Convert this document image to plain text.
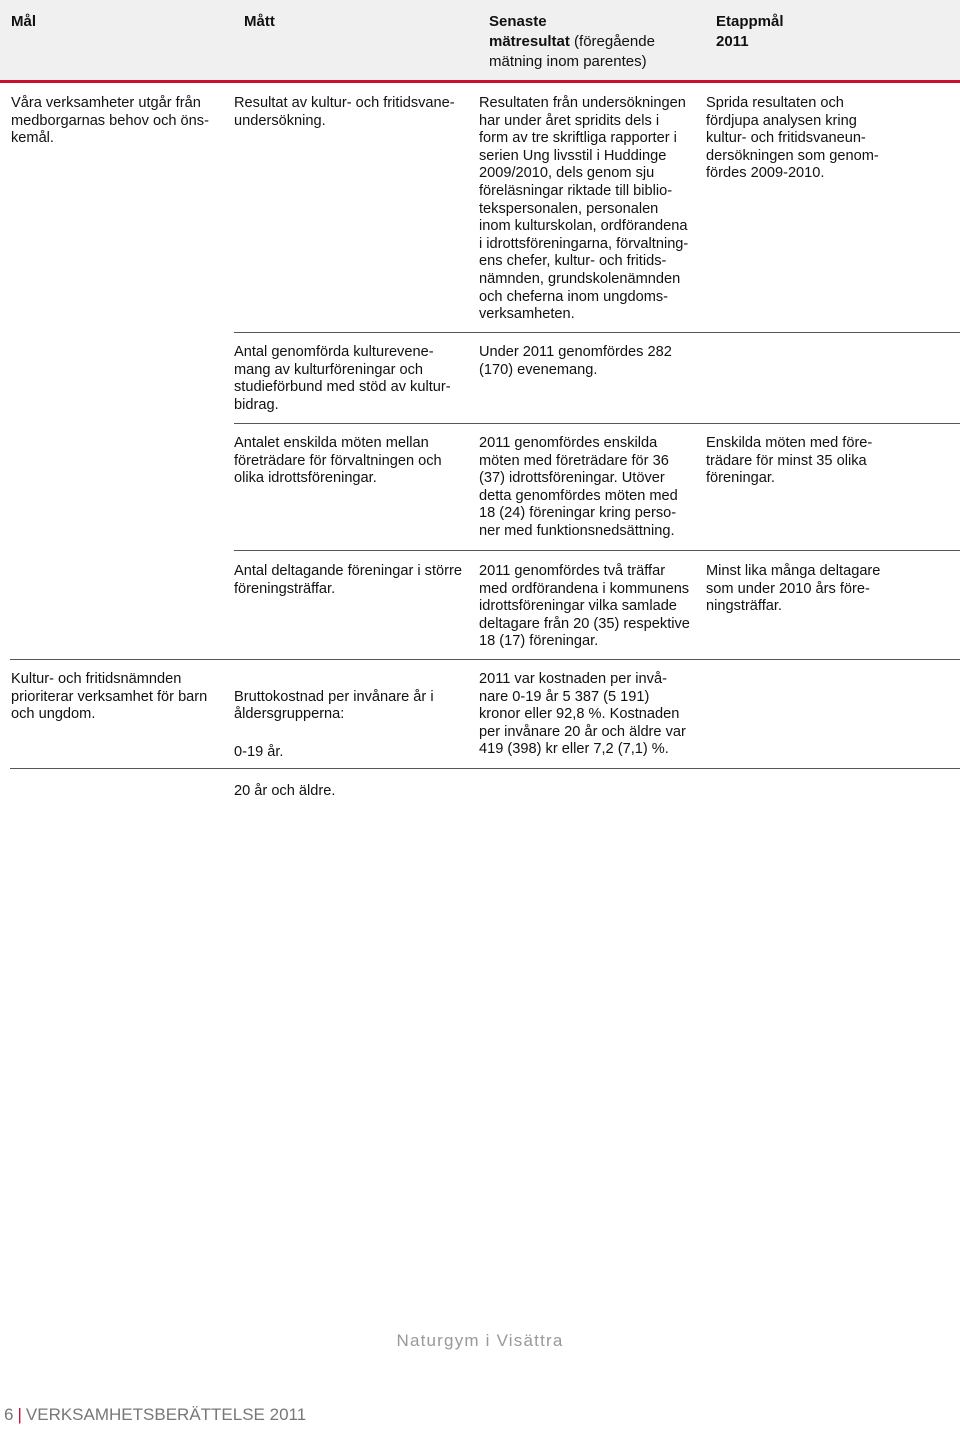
Mål	Mått	Senaste
mätresultat (föregående
mätning inom parentes)
Etappmål
2011
Våra verksamheter utgår från
medborgarnas behov och öns-
kemål.
Resultat av kultur- och fritidsvane-
undersökning.
Resultaten från undersökningen
har under året spridits dels i
form av tre skriftliga rapporter i
serien Ung livsstil i Huddinge
2009/2010, dels genom sju
föreläsningar riktade till biblio-
tekspersonalen, personalen
inom kulturskolan, ordförandena
i idrottsföreningarna, förvaltning-
ens chefer, kultur- och fritids-
nämnden, grundskolenämnden
och cheferna inom ungdoms-
verksamheten.
Sprida resultaten och
fördjupa analysen kring
kultur- och fritidsvaneun-
dersökningen som genom-
fördes 2009-2010.
Antal genomförda kulturevene-
mang av kulturföreningar och
studieförbund med stöd av kultur-
bidrag.
Under 2011 genomfördes 282
(170) evenemang.
Antalet enskilda möten mellan
företrädare för förvaltningen och
olika idrottsföreningar.
2011 genomfördes enskilda
möten med företrädare för 36
(37) idrottsföreningar. Utöver
detta genomfördes möten med
18 (24) föreningar kring perso-
ner med funktionsnedsättning.
Enskilda möten med före-
trädare för minst 35 olika
föreningar.
Antal deltagande föreningar i större
föreningsträffar.
2011 genomfördes två träffar
med ordförandena i kommunens
idrottsföreningar vilka samlade
deltagare från 20 (35) respektive
18 (17) föreningar.
Minst lika många deltagare
som under 2010 års före-
ningsträffar.
Kultur- och fritidsnämnden
prioriterar verksamhet för barn
och ungdom.

Bruttokostnad per invånare år i
åldersgrupperna:

0-19 år.

20 år och äldre.

2011 var kostnaden per invå-
nare 0-19 år 5 387 (5 191)
kronor eller 92,8 %. Kostnaden
per invånare 20 år och äldre var
419 (398) kr eller 7,2 (7,1) %.
Naturgym i Visättra
6 | VERKSAMHETSBERÄTTELSE 2011
